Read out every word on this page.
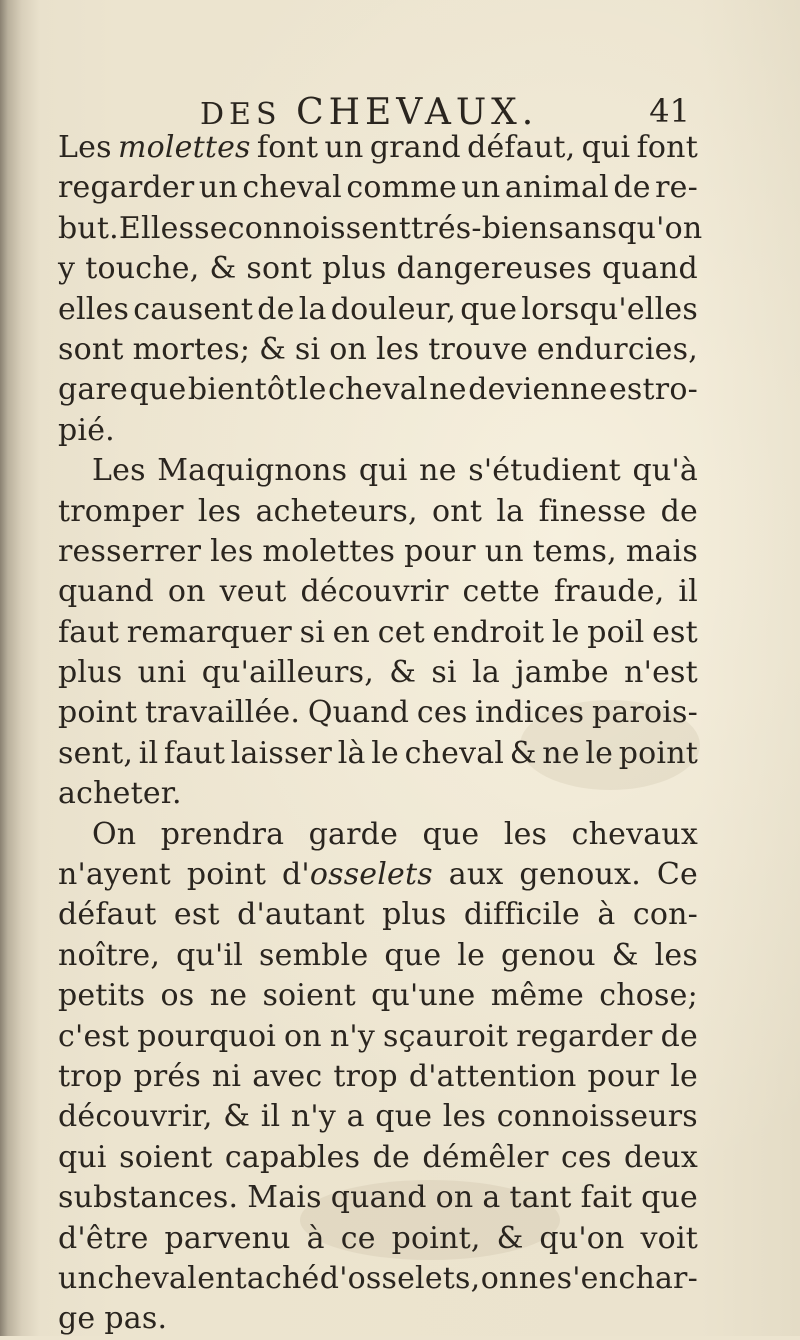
DES CHEVAUX.	41
Les molettes font un grand défaut, qui font
regarder un cheval comme un animal de re-
but. Elles se connoissent trés-bien sans qu'on
y touche, & sont plus dangereuses quand
elles causent de la douleur, que lorsqu'elles
sont mortes; & si on les trouve endurcies,
gare que bientôt le cheval ne devienne estro-
pié.
Les Maquignons qui ne s'étudient qu'à
tromper les acheteurs, ont la finesse de
resserrer les molettes pour un tems, mais
quand on veut découvrir cette fraude, il
faut remarquer si en cet endroit le poil est
plus uni qu'ailleurs, & si la jambe n'est
point travaillée. Quand ces indices parois-
sent, il faut laisser là le cheval & ne le point
acheter.
On prendra garde que les chevaux
n'ayent point d'osselets aux genoux. Ce
défaut est d'autant plus difficile à con-
noître, qu'il semble que le genou & les
petits os ne soient qu'une même chose;
c'est pourquoi on n'y sçauroit regarder de
trop prés ni avec trop d'attention pour le
découvrir, & il n'y a que les connoisseurs
qui soient capables de démêler ces deux
substances. Mais quand on a tant fait que
d'être parvenu à ce point, & qu'on voit
un cheval entaché d'osselets, on ne s'en char-
ge pas.
